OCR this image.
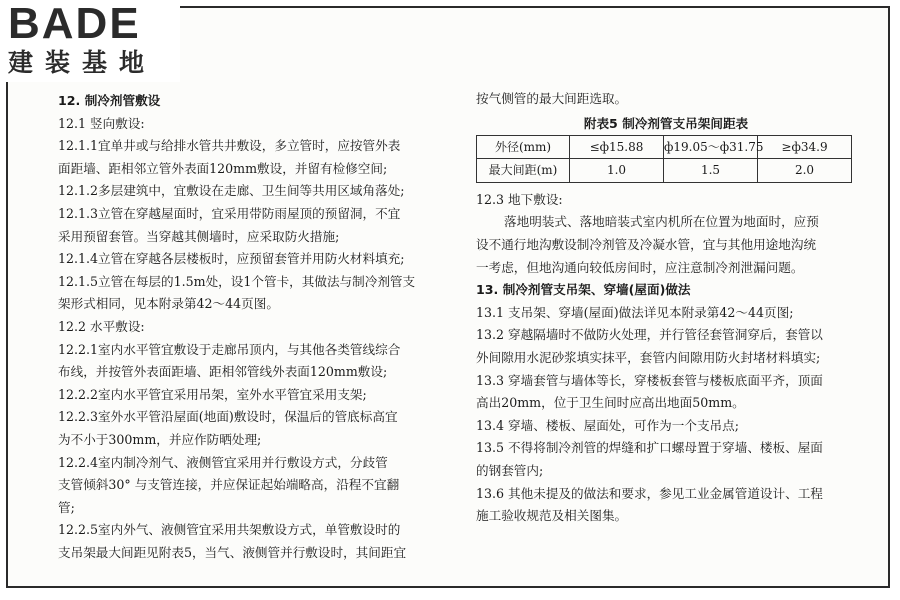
BADE
建装基地
12. 制冷剂管敷设
12.1 竖向敷设:
12.1.1宜单井或与给排水管共井敷设，多立管时，应按管外表
面距墙、距相邻立管外表面120mm敷设，并留有检修空间;
12.1.2多层建筑中，宜敷设在走廊、卫生间等共用区域角落处;
12.1.3立管在穿越屋面时，宜采用带防雨屋顶的预留洞，不宜
采用预留套管。当穿越其侧墙时，应采取防火措施;
12.1.4立管在穿越各层楼板时，应预留套管并用防火材料填充;
12.1.5立管在每层的1.5m处，设1个管卡，其做法与制冷剂管支
架形式相同，见本附录第42～44页图。
12.2 水平敷设:
12.2.1室内水平管宜敷设于走廊吊顶内，与其他各类管线综合
布线，并按管外表面距墙、距相邻管线外表面120mm敷设;
12.2.2室内水平管宜采用吊架，室外水平管宜采用支架;
12.2.3室外水平管沿屋面(地面)敷设时，保温后的管底标高宜
为不小于300mm，并应作防晒处理;
12.2.4室内制冷剂气、液侧管宜采用并行敷设方式，分歧管
支管倾斜30° 与支管连接，并应保证起始端略高，沿程不宜翻
管;
12.2.5室内外气、液侧管宜采用共架敷设方式，单管敷设时的
支吊架最大间距见附表5，当气、液侧管并行敷设时，其间距宜
按气侧管的最大间距选取。
附表5 制冷剂管支吊架间距表
外径(mm)	≤ф15.88	ф19.05～ф31.75	≥ф34.9
最大间距(m)	1.0	1.5	2.0
12.3 地下敷设:
落地明装式、落地暗装式室内机所在位置为地面时，应预
设不通行地沟敷设制冷剂管及冷凝水管，宜与其他用途地沟统
一考虑，但地沟通向较低房间时，应注意制冷剂泄漏问题。
13. 制冷剂管支吊架、穿墙(屋面)做法
13.1 支吊架、穿墙(屋面)做法详见本附录第42～44页图;
13.2 穿越隔墙时不做防火处理，并行管径套管洞穿后，套管以
外间隙用水泥砂浆填实抹平，套管内间隙用防火封堵材料填实;
13.3 穿墙套管与墙体等长，穿楼板套管与楼板底面平齐，顶面
高出20mm，位于卫生间时应高出地面50mm。
13.4 穿墙、楼板、屋面处，可作为一个支吊点;
13.5 不得将制冷剂管的焊缝和扩口螺母置于穿墙、楼板、屋面
的钢套管内;
13.6 其他未提及的做法和要求，参见工业金属管道设计、工程
施工验收规范及相关图集。
